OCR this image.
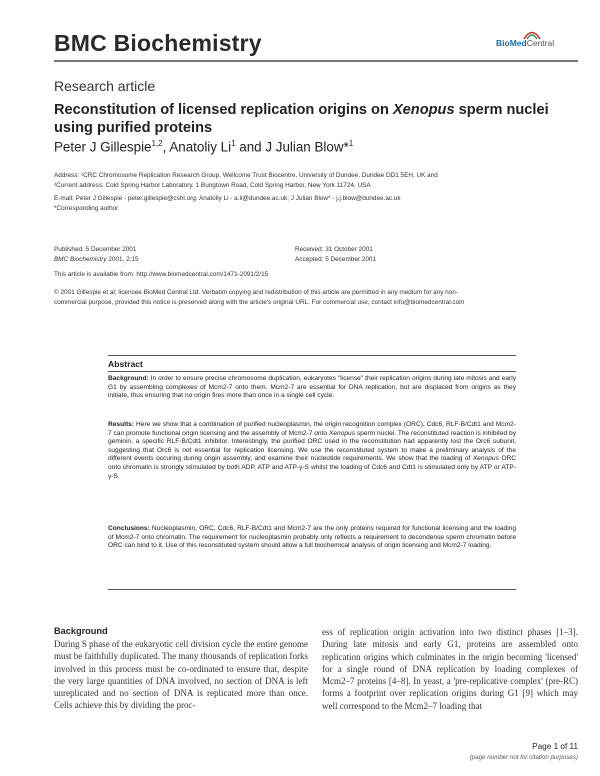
BMC Biochemistry	BioMedCentral
Research article
Reconstitution of licensed replication origins on Xenopus sperm nuclei using purified proteins
Peter J Gillespie$^{1,2}$, Anatoliy Li$^1$ and J Julian Blow*$^1$
Address: ¹CRC Chromosome Replication Research Group, Wellcome Trust Biocentre, University of Dundee, Dundee DD1 5EH, UK and
²Current address: Cold Spring Harbor Laboratory, 1 Bungtown Road, Cold Spring Harbor, New York 11724, USA
E-mail: Peter J Gillespie - peter.gillespie@cshl.org; Anatoliy Li - a.li@dundee.ac.uk; J Julian Blow* - j.j.blow@dundee.ac.uk
*Corresponding author
Published: 5 December 2001
BMC Biochemistry 2001, 2:15
Received: 31 October 2001
Accepted: 5 December 2001
This article is available from: http://www.biomedcentral.com/1471-2091/2/15
© 2001 Gillespie et al; licensee BioMed Central Ltd. Verbatim copying and redistribution of this article are permitted in any medium for any non-
commercial purpose, provided this notice is preserved along with the article's original URL. For commercial use, contact info@biomedcentral.com
Abstract
Background: In order to ensure precise chromosome duplication, eukaryotes "license" their replication origins during late mitosis and early G1 by assembling complexes of Mcm2-7 onto them. Mcm2-7 are essential for DNA replication, but are displaced from origins as they initiate, thus ensuring that no origin fires more than once in a single cell cycle.
Results: Here we show that a combination of purified nucleoplasmin, the origin recognition complex (ORC), Cdc6, RLF-B/Cdt1 and Mcm2-7 can promote functional origin licensing and the assembly of Mcm2-7 onto Xenopus sperm nuclei. The reconstituted reaction is inhibited by geminin, a specific RLF-B/Cdt1 inhibitor. Interestingly, the purified ORC used in the reconstitution had apparently lost the Orc6 subunit, suggesting that Orc6 is not essential for replication licensing. We use the reconstituted system to make a preliminary analysis of the different events occuring during origin assembly, and examine their nucleotide requirements. We show that the loading of Xenopus ORC onto chromatin is strongly stimulated by both ADP, ATP and ATP-γ-S whilst the loading of Cdc6 and Cdt1 is stimulated only by ATP or ATP-γ-S.
Conclusions: Nucleoplasmin, ORC, Cdc6, RLF-B/Cdt1 and Mcm2-7 are the only proteins required for functional licensing and the loading of Mcm2-7 onto chromatin. The requirement for nucleoplasmin probably only reflects a requirement to decondense sperm chromatin before ORC can bind to it. Use of this reconstituted system should allow a full biochemical analysis of origin licensing and Mcm2-7 loading.
Background
During S phase of the eukaryotic cell division cycle the entire genome must be faithfully duplicated. The many thousands of replication forks involved in this process must be co-ordinated to ensure that, despite the very large quantities of DNA involved, no section of DNA is left unreplicated and no section of DNA is replicated more than once. Cells achieve this by dividing the proc-
ess of replication origin activation into two distinct phases [1–3]. During late mitosis and early G1, proteins are assembled onto replication origins which culminates in the origin becoming 'licensed' for a single round of DNA replication by loading complexes of Mcm2–7 proteins [4–8]. In yeast, a 'pre-replicative complex' (pre-RC) forms a footprint over replication origins during G1 [9] which may well correspond to the Mcm2–7 loading that
Page 1 of 11
(page number not for citation purposes)
